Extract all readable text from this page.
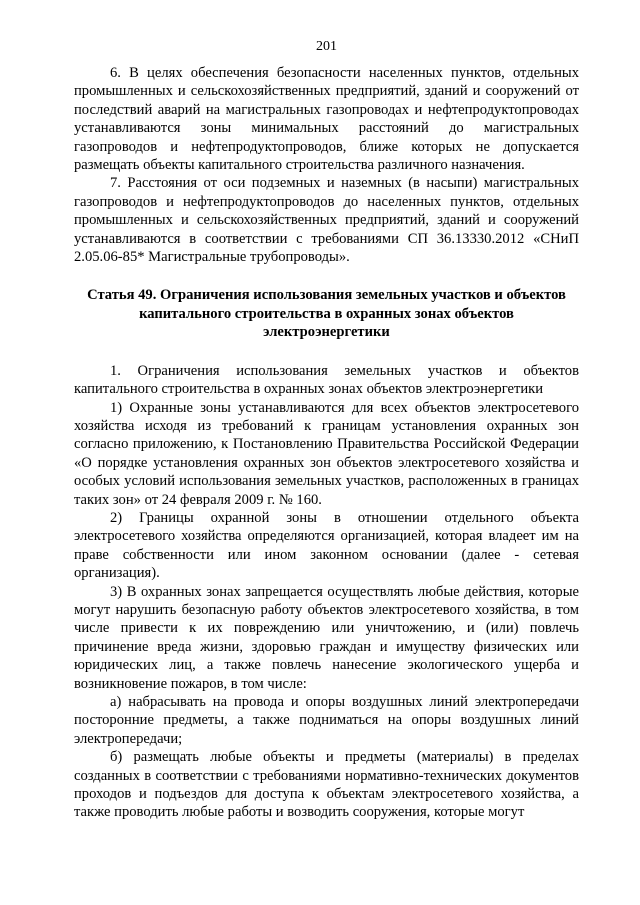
201

6. В целях обеспечения безопасности населенных пунктов, отдельных промышленных и сельскохозяйственных предприятий, зданий и сооружений от последствий аварий на магистральных газопроводах и нефтепродуктопроводах устанавливаются зоны минимальных расстояний до магистральных газопроводов и нефтепродуктопроводов, ближе которых не допускается размещать объекты капитального строительства различного назначения.

7. Расстояния от оси подземных и наземных (в насыпи) магистральных газопроводов и нефтепродуктопроводов до населенных пунктов, отдельных промышленных и сельскохозяйственных предприятий, зданий и сооружений устанавливаются в соответствии с требованиями СП 36.13330.2012 «СНиП 2.05.06-85* Магистральные трубопроводы».

Статья 49. Ограничения использования земельных участков и объектов капитального строительства в охранных зонах объектов электроэнергетики

1. Ограничения использования земельных участков и объектов капитального строительства в охранных зонах объектов электроэнергетики

1) Охранные зоны устанавливаются для всех объектов электросетевого хозяйства исходя из требований к границам установления охранных зон согласно приложению, к Постановлению Правительства Российской Федерации «О порядке установления охранных зон объектов электросетевого хозяйства и особых условий использования земельных участков, расположенных в границах таких зон» от 24 февраля 2009 г. № 160.

2) Границы охранной зоны в отношении отдельного объекта электросетевого хозяйства определяются организацией, которая владеет им на праве собственности или ином законном основании (далее - сетевая организация).

3) В охранных зонах запрещается осуществлять любые действия, которые могут нарушить безопасную работу объектов электросетевого хозяйства, в том числе привести к их повреждению или уничтожению, и (или) повлечь причинение вреда жизни, здоровью граждан и имуществу физических или юридических лиц, а также повлечь нанесение экологического ущерба и возникновение пожаров, в том числе:

а) набрасывать на провода и опоры воздушных линий электропередачи посторонние предметы, а также подниматься на опоры воздушных линий электропередачи;

б) размещать любые объекты и предметы (материалы) в пределах созданных в соответствии с требованиями нормативно-технических документов проходов и подъездов для доступа к объектам электросетевого хозяйства, а также проводить любые работы и возводить сооружения, которые могут
